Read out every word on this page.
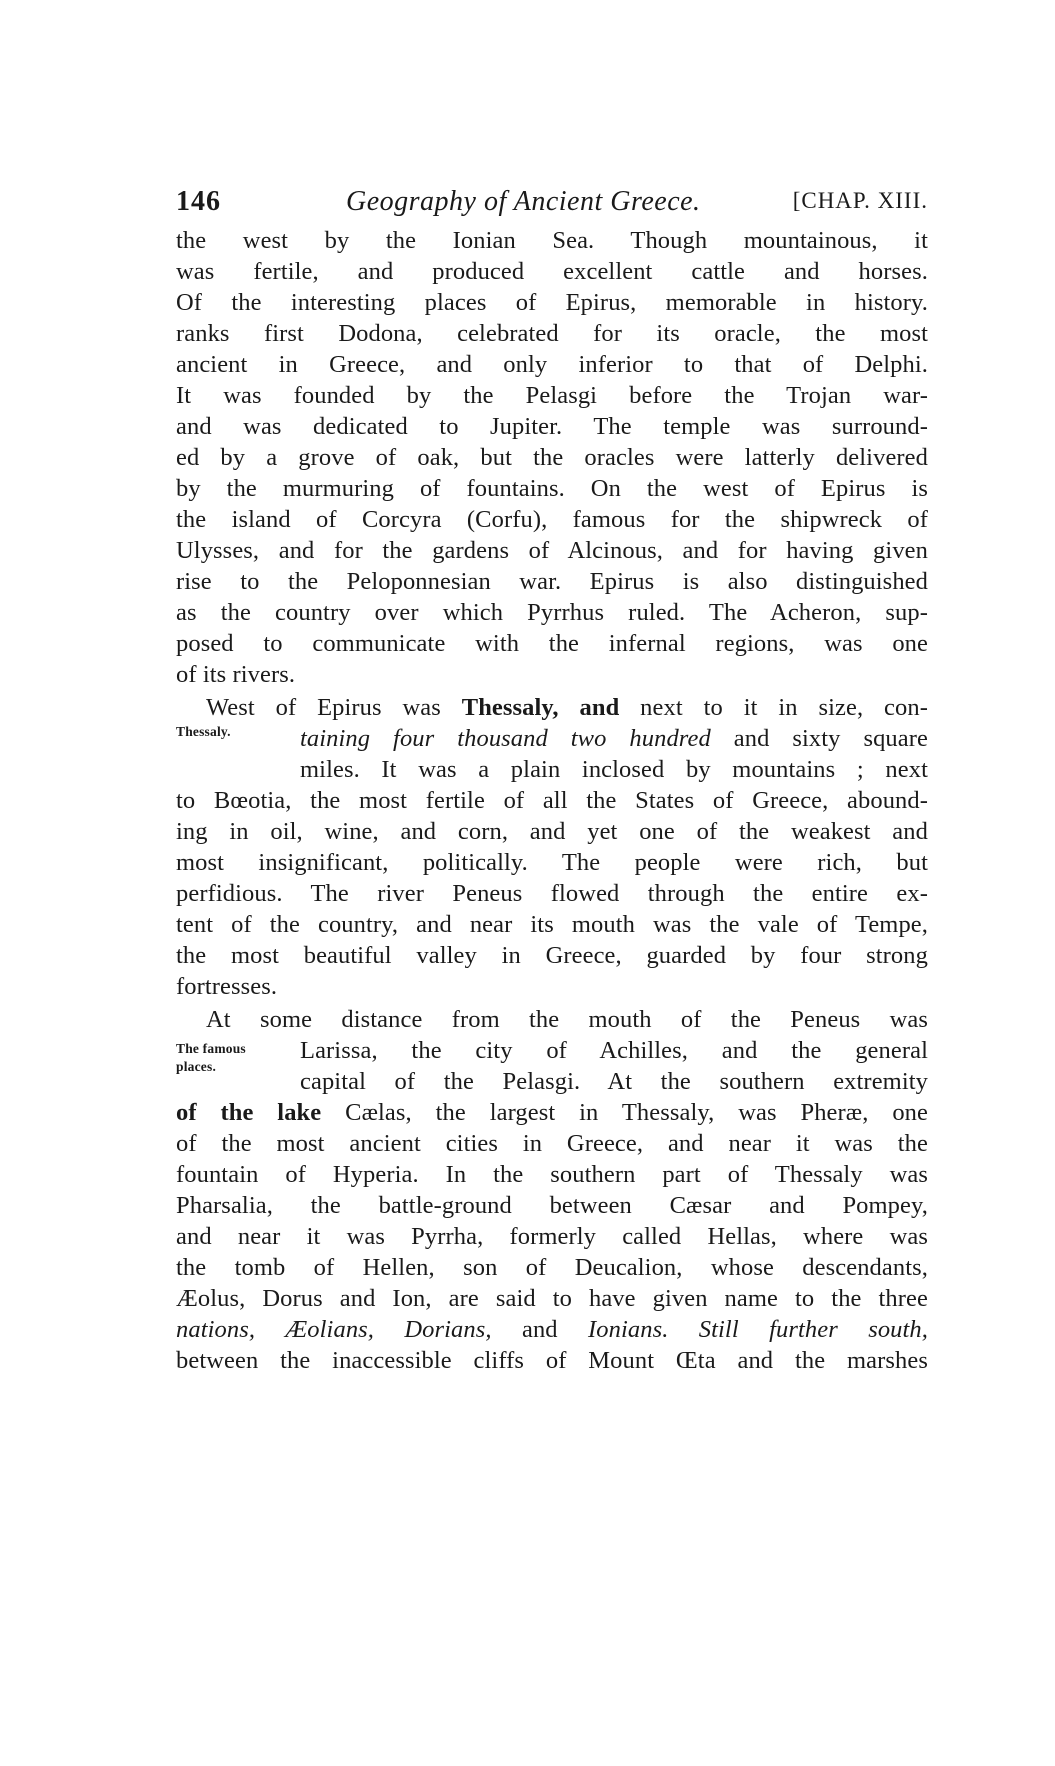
146	Geography of Ancient Greece.	[CHAP. XIII.
the west by the Ionian Sea. Though mountainous, it
was fertile, and produced excellent cattle and horses.
Of the interesting places of Epirus, memorable in history.
ranks first Dodona, celebrated for its oracle, the most
ancient in Greece, and only inferior to that of Delphi.
It was founded by the Pelasgi before the Trojan war-
and was dedicated to Jupiter. The temple was surround-
ed by a grove of oak, but the oracles were latterly delivered
by the murmuring of fountains. On the west of Epirus is
the island of Corcyra (Corfu), famous for the shipwreck of
Ulysses, and for the gardens of Alcinous, and for having given
rise to the Peloponnesian war. Epirus is also distinguished
as the country over which Pyrrhus ruled. The Acheron, sup-
posed to communicate with the infernal regions, was one
of its rivers.
Thessaly.
West of Epirus was Thessaly, and next to it in size, con-
taining four thousand two hundred and sixty square
miles. It was a plain inclosed by mountains ; next
to Bœotia, the most fertile of all the States of Greece, abound-
ing in oil, wine, and corn, and yet one of the weakest and
most insignificant, politically. The people were rich, but
perfidious. The river Peneus flowed through the entire ex-
tent of the country, and near its mouth was the vale of Tempe,
the most beautiful valley in Greece, guarded by four strong
fortresses.
The famous
places.
At some distance from the mouth of the Peneus was
Larissa, the city of Achilles, and the general
capital of the Pelasgi. At the southern extremity
of the lake Cælas, the largest in Thessaly, was Pheræ, one
of the most ancient cities in Greece, and near it was the
fountain of Hyperia. In the southern part of Thessaly was
Pharsalia, the battle-ground between Cæsar and Pompey,
and near it was Pyrrha, formerly called Hellas, where was
the tomb of Hellen, son of Deucalion, whose descendants,
Æolus, Dorus and Ion, are said to have given name to the three
nations, Æolians, Dorians, and Ionians. Still further south,
between the inaccessible cliffs of Mount Œta and the marshes
